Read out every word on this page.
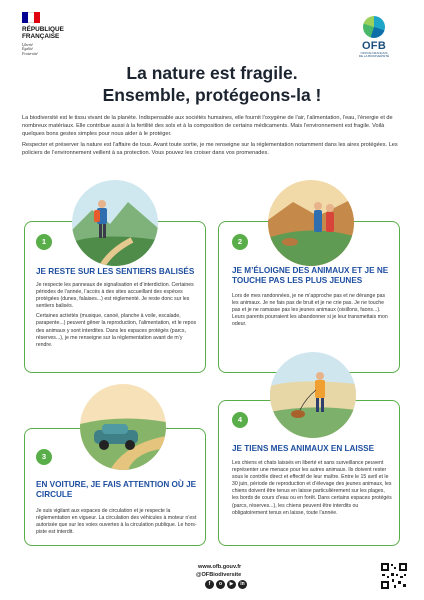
RÉPUBLIQUE
FRANÇAISE
Liberté
Égalité
Fraternité
OFB
OFFICE FRANÇAIS
DE LA BIODIVERSITÉ
La nature est fragile.
Ensemble, protégeons-la !

La biodiversité est le tissu vivant de la planète. Indispensable aux sociétés humaines, elle fournit l’oxygène de l’air, l’alimentation, l’eau, l’énergie et de nombreux matériaux. Elle contribue aussi à la fertilité des sols et à la composition de certains médicaments. Mais l’environnement est fragile. Voilà quelques bons gestes simples pour nous aider à le protéger.

Respecter et préserver la nature est l’affaire de tous. Avant toute sortie, je me renseigne sur la réglementation notamment dans les aires protégées. Les policiers de l’environnement veillent à sa protection. Vous pouvez les croiser dans vos promenades.

1
JE RESTE SUR LES SENTIERS BALISÉS

Je respecte les panneaux de signalisation et d’interdiction. Certaines périodes de l’année, l’accès à des sites accueillant des espèces protégées (dunes, falaises...) est réglementé. Je reste donc sur les sentiers balisés.

Certaines activités (musique, canoë, planche à voile, escalade, parapente...) peuvent gêner la reproduction, l’alimentation, et le repos des animaux y sont interdites. Dans les espaces protégés (parcs, réserves...), je me renseigne sur la réglementation avant de m’y rendre.

2
JE M’ÉLOIGNE DES ANIMAUX ET JE NE TOUCHE PAS LES PLUS JEUNES

Lors de mes randonnées, je ne m’approche pas et ne dérange pas les animaux. Je ne fais pas de bruit et je ne crie pas. Je ne touche pas et je ne ramasse pas les jeunes animaux (oisillons, faons...). Leurs parents pourraient les abandonner si je leur transmettais mon odeur.

3
EN VOITURE, JE FAIS ATTENTION OÙ JE CIRCULE

Je suis vigilant aux espaces de circulation et je respecte la réglementation en vigueur. La circulation des véhicules à moteur n’est autorisée que sur les voies ouvertes à la circulation publique. Le hors-piste est interdit.

4
JE TIENS MES ANIMAUX EN LAISSE

Les chiens et chats laissés en liberté et sans surveillance peuvent représenter une menace pour les autres animaux. Ils doivent rester sous le contrôle direct et effectif de leur maître. Entre le 15 avril et le 30 juin, période de reproduction et d’élevage des jeunes animaux, les chiens doivent être tenus en laisse particulièrement sur les plages, les bords de cours d’eau ou en forêt. Dans certains espaces protégés (parcs, réserves...), les chiens peuvent être interdits ou obligatoirement tenus en laisse, toute l’année.

www.ofb.gouv.fr
@OFBiodiversite
f	o	▶	in
